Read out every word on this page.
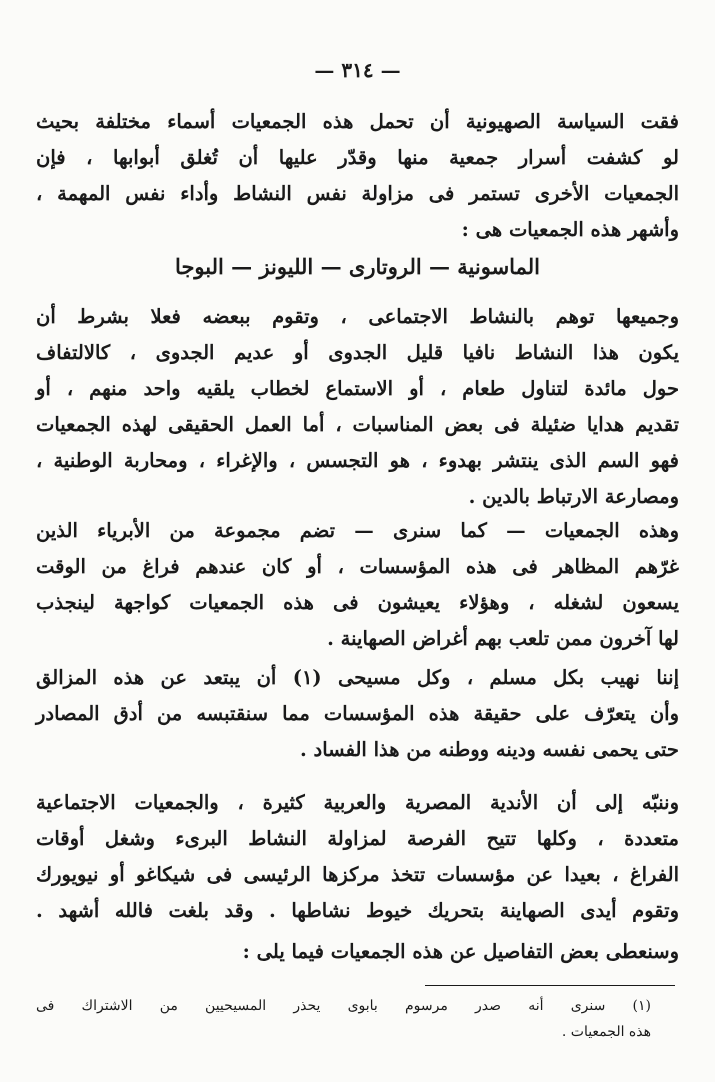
— ٣١٤ —
فقت السياسة الصهيونية أن تحمل هذه الجمعيات أسماء مختلفة بحيث
لو كشفت أسرار جمعية منها وقدّر عليها أن تُغلق أبوابها ، فإن
الجمعيات الأخرى تستمر فى مزاولة نفس النشاط وأداء نفس المهمة ،
وأشهر هذه الجمعيات هى :
الماسونية — الروتارى — الليونز — البوجا
وجميعها توهم بالنشاط الاجتماعى ، وتقوم ببعضه فعلا بشرط أن
يكون هذا النشاط نافيا قليل الجدوى أو عديم الجدوى ، كالالتفاف
حول مائدة لتناول طعام ، أو الاستماع لخطاب يلقيه واحد منهم ، أو
تقديم هدايا ضئيلة فى بعض المناسبات ، أما العمل الحقيقى لهذه الجمعيات
فهو السم الذى ينتشر بهدوء ، هو التجسس ، والإغراء ، ومحاربة الوطنية ،
ومصارعة الارتباط بالدين .
وهذه الجمعيات — كما سنرى — تضم مجموعة من الأبرياء الذين
غرّهم المظاهر فى هذه المؤسسات ، أو كان عندهم فراغ من الوقت
يسعون لشغله ، وهؤلاء يعيشون فى هذه الجمعيات كواجهة لينجذب
لها آخرون ممن تلعب بهم أغراض الصهاينة .
إننا نهيب بكل مسلم ، وكل مسيحى (١) أن يبتعد عن هذه المزالق
وأن يتعرّف على حقيقة هذه المؤسسات مما سنقتبسه من أدق المصادر
حتى يحمى نفسه ودينه ووطنه من هذا الفساد .
وننبّه إلى أن الأندية المصرية والعربية كثيرة ، والجمعيات الاجتماعية
متعددة ، وكلها تتيح الفرصة لمزاولة النشاط البرىء وشغل أوقات
الفراغ ، بعيدا عن مؤسسات تتخذ مركزها الرئيسى فى شيكاغو أو نيويورك
وتقوم أيدى الصهاينة بتحريك خيوط نشاطها . وقد بلغت فالله أشهد .
وسنعطى بعض التفاصيل عن هذه الجمعيات فيما يلى :
(١) سنرى أنه صدر مرسوم بابوى يحذر المسيحيين من الاشتراك فى
هذه الجمعيات .
